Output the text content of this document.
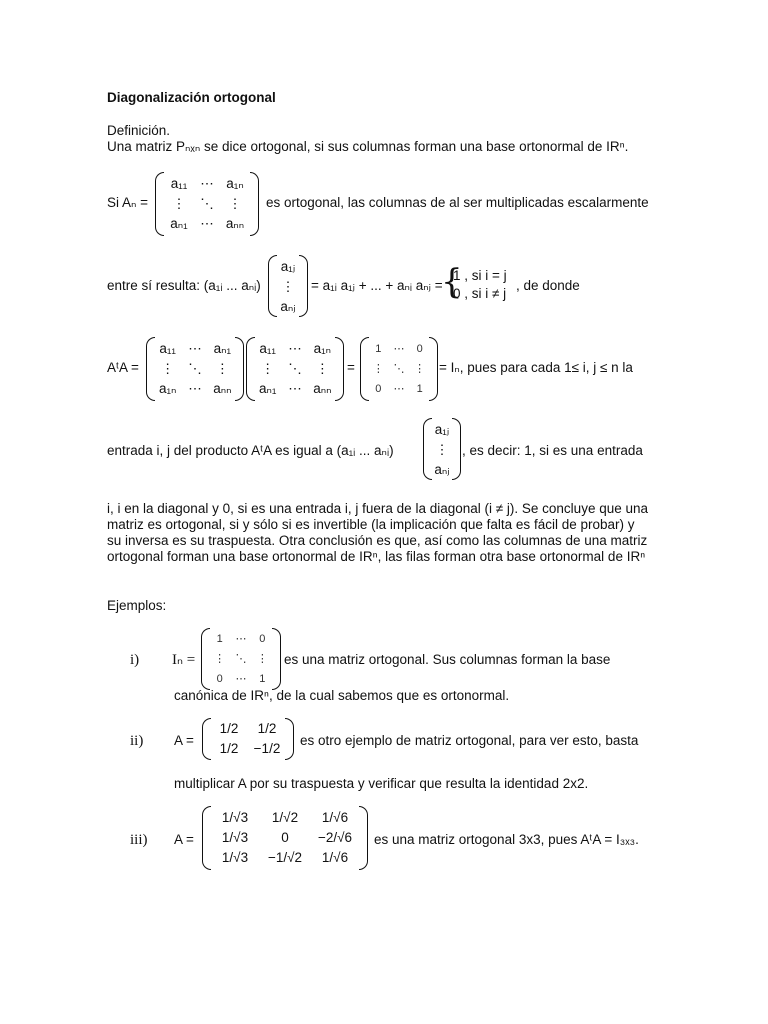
Diagonalización ortogonal
Definición.
Una matriz Pₙₓₙ se dice ortogonal, si sus columnas forman una base ortonormal de IRⁿ.
Si Aₙ =
a₁₁ ⋯ a₁ₙ
⋮	⋱	⋮
aₙ₁ ⋯ aₙₙ
es ortogonal, las columnas de al ser multiplicadas escalarmente
entre sí resulta: (a₁ᵢ ... aₙᵢ)
a₁ⱼ
⋮
aₙⱼ
= a₁ᵢ a₁ⱼ + ... + aₙᵢ aₙⱼ =
{
1 , si i = j
0 , si i ≠ j
, de donde
AᵗA =
a₁₁ ⋯ aₙ₁
⋮	⋱	⋮
a₁ₙ ⋯ aₙₙ
a₁₁ ⋯ a₁ₙ
⋮	⋱	⋮
aₙ₁ ⋯ aₙₙ
=
1	⋯	0
⋮ ⋱ ⋮
0	⋯	1
= Iₙ, pues para cada 1≤ i, j ≤ n la
entrada i, j del producto AᵗA es igual a (a₁ᵢ ... aₙᵢ)
a₁ⱼ
⋮
aₙⱼ
, es decir: 1, si es una entrada
i, i en la diagonal y 0, si es una entrada i, j fuera de la diagonal (i ≠ j). Se concluye que una matriz es ortogonal, si y sólo si es invertible (la implicación que falta es fácil de probar) y su inversa es su traspuesta. Otra conclusión es que, así como las columnas de una matriz ortogonal forman una base ortonormal de IRⁿ, las filas forman otra base ortonormal de IRⁿ
Ejemplos:
i) Iₙ =
1	⋯	0
⋮ ⋱ ⋮
0	⋯	1
es una matriz ortogonal. Sus columnas forman la base
canónica de IRⁿ, de la cual sabemos que es ortonormal.
ii) A =
1/2	1/2
1/2	−1/2
es otro ejemplo de matriz ortogonal, para ver esto, basta
multiplicar A por su traspuesta y verificar que resulta la identidad 2x2.
iii) A =
1/√3	1/√2	1/√6
1/√3	0	−2/√6
1/√3	−1/√2	1/√6
es una matriz ortogonal 3x3, pues AᵗA = I₃ₓ₃.
